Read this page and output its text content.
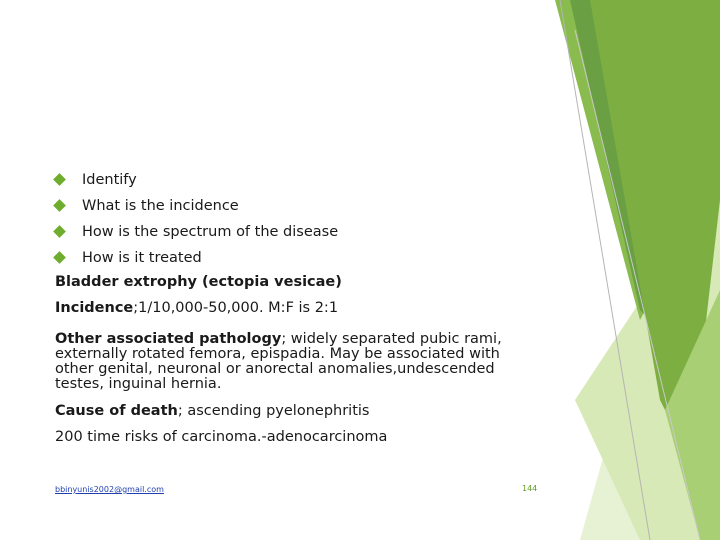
Identify
What is the incidence
How is the spectrum of the disease
How is it treated
Bladder extrophy (ectopia vesicae)
Incidence;1/10,000-50,000. M:F is 2:1
Other associated pathology; widely separated pubic rami, externally rotated femora, epispadia. May be associated with other genital, neuronal or anorectal anomalies,undescended testes, inguinal hernia.
Cause of death; ascending pyelonephritis
200 time risks of carcinoma.-adenocarcinoma
bbinyunis2002@gmail.com	144
